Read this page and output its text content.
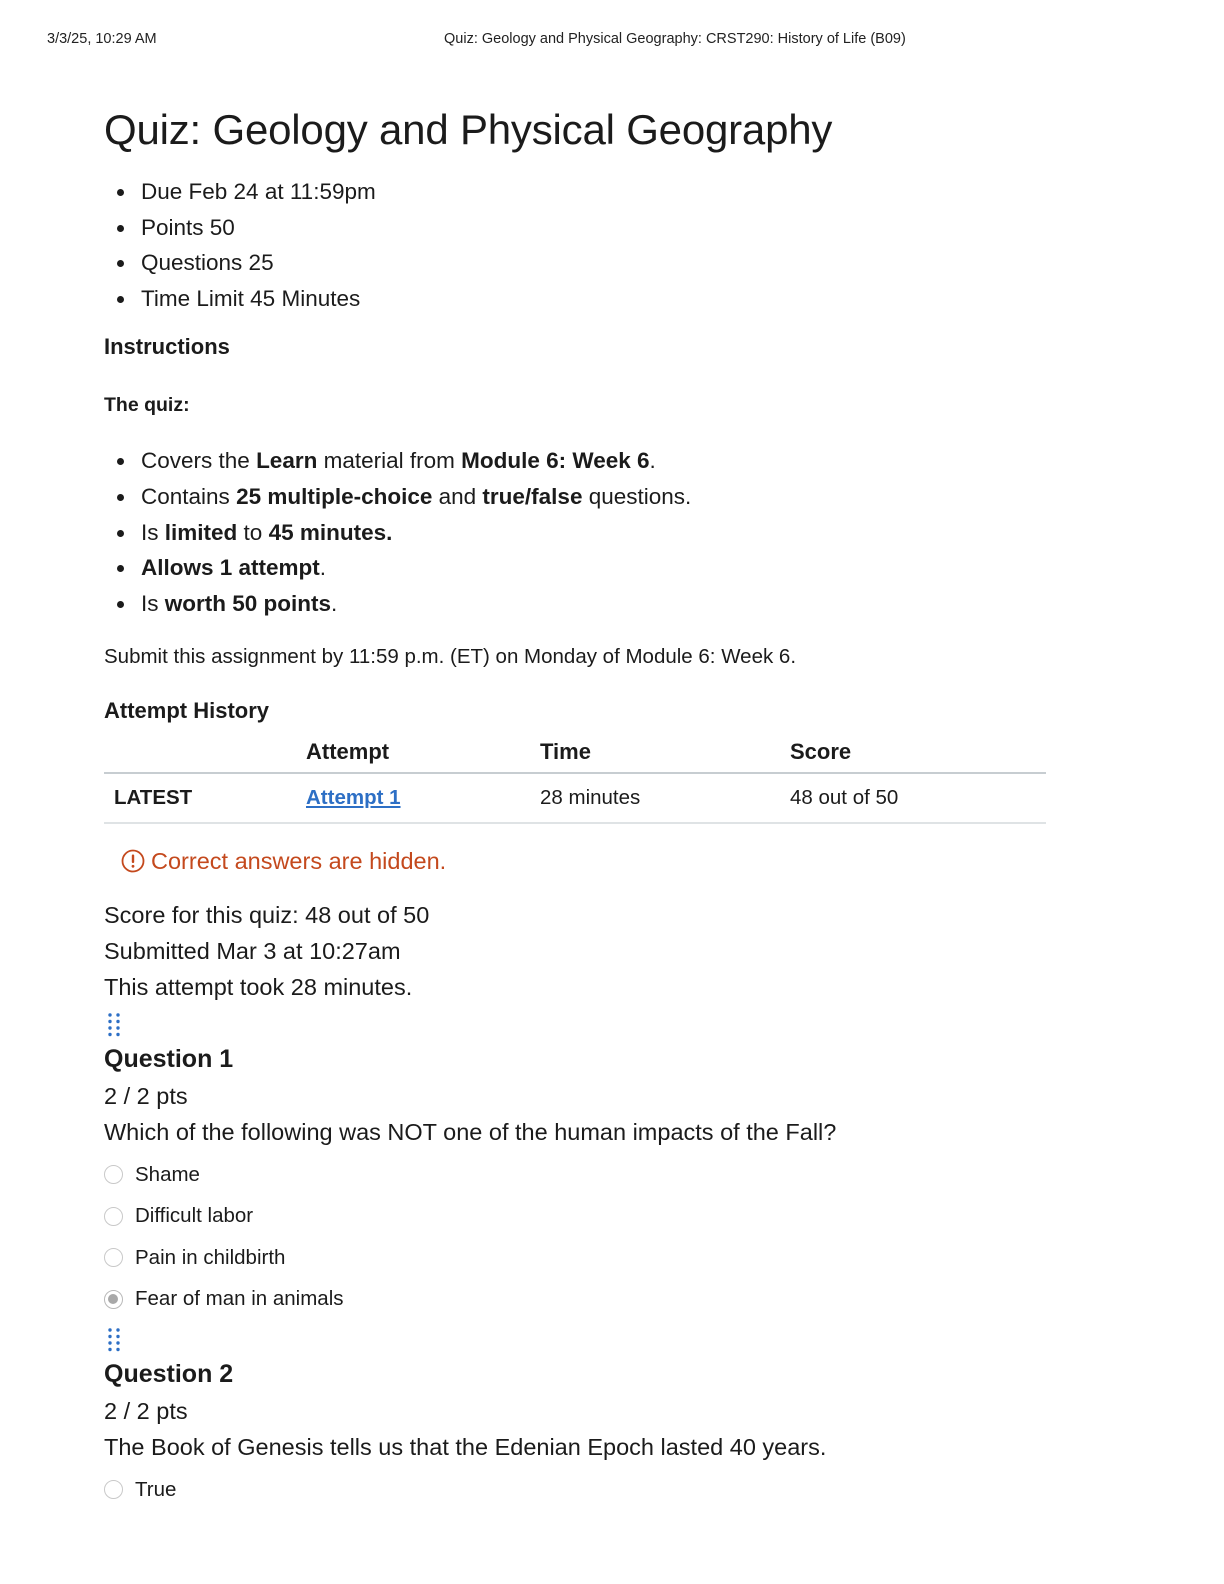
3/3/25, 10:29 AM	Quiz: Geology and Physical Geography: CRST290: History of Life (B09)
Quiz: Geology and Physical Geography
Due Feb 24 at 11:59pm
Points 50
Questions 25
Time Limit 45 Minutes
Instructions
The quiz:
Covers the Learn material from Module 6: Week 6.
Contains 25 multiple-choice and true/false questions.
Is limited to 45 minutes.
Allows 1 attempt.
Is worth 50 points.
Submit this assignment by 11:59 p.m. (ET) on Monday of Module 6: Week 6.
Attempt History
	Attempt	Time	Score
LATEST	Attempt 1	28 minutes	48 out of 50
Correct answers are hidden.
Score for this quiz: 48 out of 50
Submitted Mar 3 at 10:27am
This attempt took 28 minutes.
Question 1
2 / 2 pts
Which of the following was NOT one of the human impacts of the Fall?
Shame
Difficult labor
Pain in childbirth
Fear of man in animals
Question 2
2 / 2 pts
The Book of Genesis tells us that the Edenian Epoch lasted 40 years.
True
